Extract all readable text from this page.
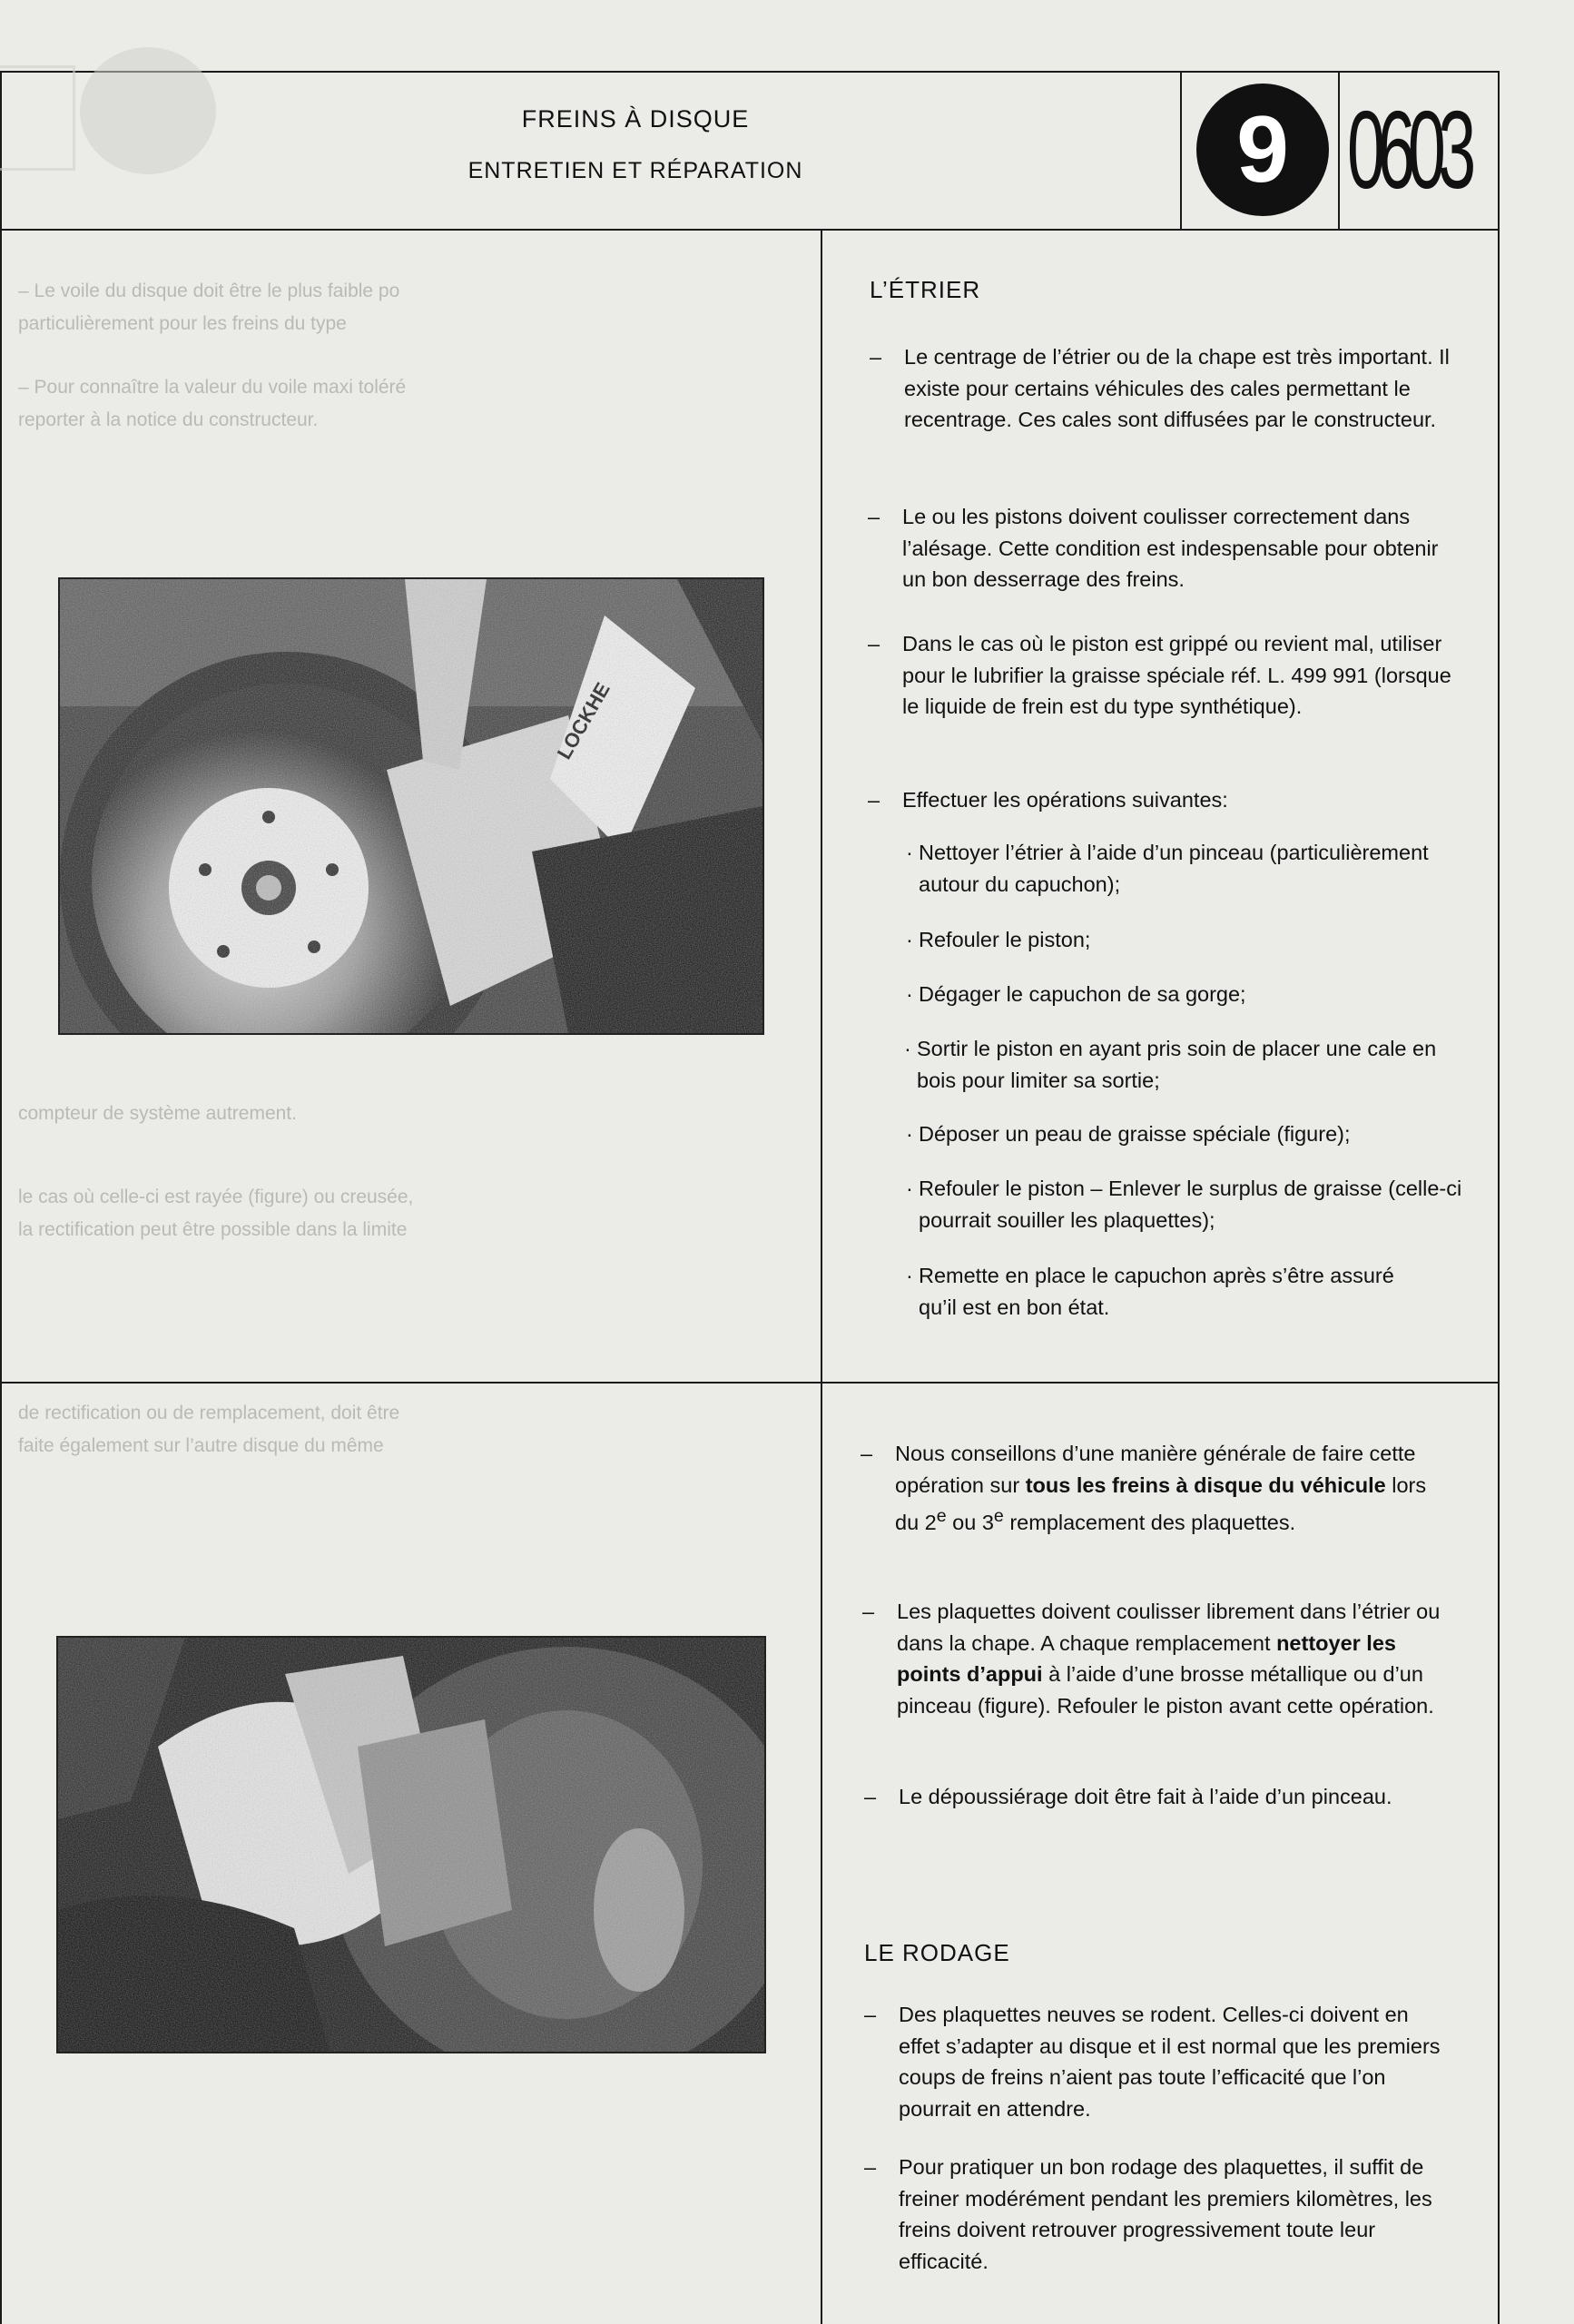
– Le voile du disque doit être le plus faible po
particulièrement pour les freins du type
– Pour connaître la valeur du voile maxi toléré
reporter à la notice du constructeur.
compteur de système autrement.
le cas où celle-ci est rayée (figure) ou creusée,
la rectification peut être possible dans la limite
de rectification ou de remplacement, doit être
faite également sur l’autre disque du même
FREINS À DISQUE
ENTRETIEN ET RÉPARATION	9 0603
L’ÉTRIER

– Le centrage de l’étrier ou de la chape est très important. Il existe pour certains véhicules des cales permettant le recentrage. Ces cales sont diffusées par le constructeur.

– Le ou les pistons doivent coulisser correctement dans l’alésage. Cette condition est indespensable pour obtenir un bon desserrage des freins.

– Dans le cas où le piston est grippé ou revient mal, utiliser pour le lubrifier la graisse spéciale réf. L. 499 991 (lorsque le liquide de frein est du type synthétique).

– Effectuer les opérations suivantes:

· Nettoyer l’étrier à l’aide d’un pinceau (particulièrement autour du capuchon);

· Refouler le piston;

· Dégager le capuchon de sa gorge;

· Sortir le piston en ayant pris soin de placer une cale en bois pour limiter sa sortie;

· Déposer un peau de graisse spéciale (figure);

· Refouler le piston – Enlever le surplus de graisse (celle-ci pourrait souiller les plaquettes);

· Remette en place le capuchon après s’être assuré qu’il est en bon état.

– Nous conseillons d’une manière générale de faire cette opération sur tous les freins à disque du véhicule lors du 2e ou 3e remplacement des plaquettes.

– Les plaquettes doivent coulisser librement dans l’étrier ou dans la chape. A chaque remplacement nettoyer les points d’appui à l’aide d’une brosse métallique ou d’un pinceau (figure). Refouler le piston avant cette opération.

– Le dépoussiérage doit être fait à l’aide d’un pinceau.

LE RODAGE

– Des plaquettes neuves se rodent. Celles-ci doivent en effet s’adapter au disque et il est normal que les premiers coups de freins n’aient pas toute l’efficacité que l’on pourrait en attendre.

– Pour pratiquer un bon rodage des plaquettes, il suffit de freiner modérément pendant les premiers kilomètres, les freins doivent retrouver progressivement toute leur efficacité.
